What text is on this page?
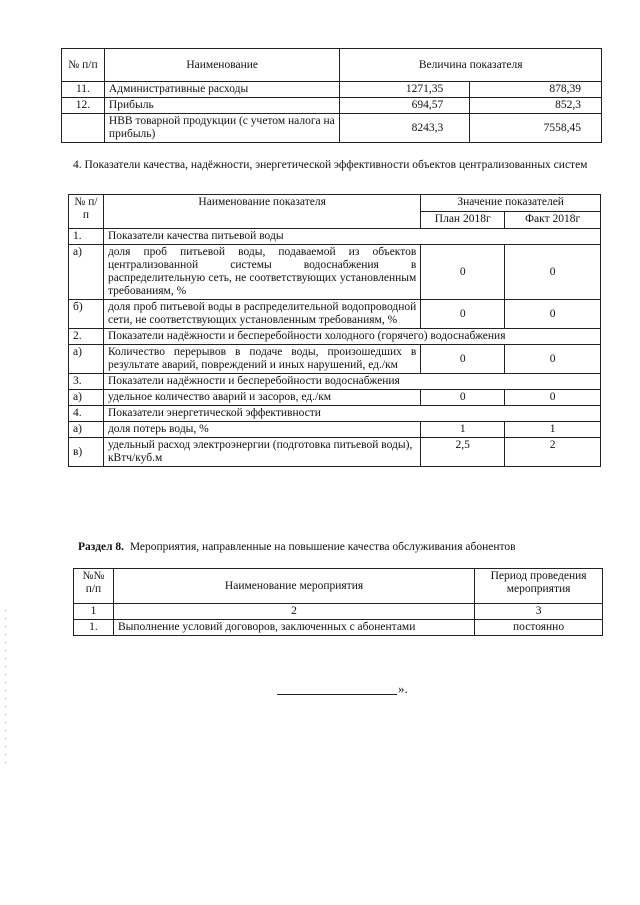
№ п/п	Наименование	Величина показателя	
11.	Административные расходы	1271,35	878,39
12.	Прибыль	694,57	852,3
	НВВ товарной продукции (с учетом налога на прибыль)	8243,3	7558,45
4. Показатели качества, надёжности, энергетической эффективности объектов централизованных систем
№ п/п	Наименование показателя	Значение показателей	
		План 2018г	Факт 2018г
1.	Показатели качества питьевой воды		
а)	доля проб питьевой воды, подаваемой из объектов централизованной системы водоснабжения в распределительную сеть, не соответствующих установленным требованиям, %	0	0
б)	доля проб питьевой воды в распределительной водопроводной сети, не соответствующих установленным требованиям, %	0	0
2.	Показатели надёжности и бесперебойности холодного (горячего) водоснабжения		
а)	Количество перерывов в подаче воды, произошедших в результате аварий, повреждений и иных нарушений, ед./км	0	0
3.	Показатели надёжности и бесперебойности водоснабжения		
а)	удельное количество аварий и засоров, ед./км	0	0
4.	Показатели энергетической эффективности		
а)	доля потерь воды, %	1	1
в)	удельный расход электроэнергии (подготовка питьевой воды), кВтч/куб.м	2,5	2
Раздел 8. Мероприятия, направленные на повышение качества обслуживания абонентов
№№ п/п	Наименование мероприятия	Период проведения мероприятия
1	2	3
1.	Выполнение условий договоров, заключенных с абонентами	постоянно
».
